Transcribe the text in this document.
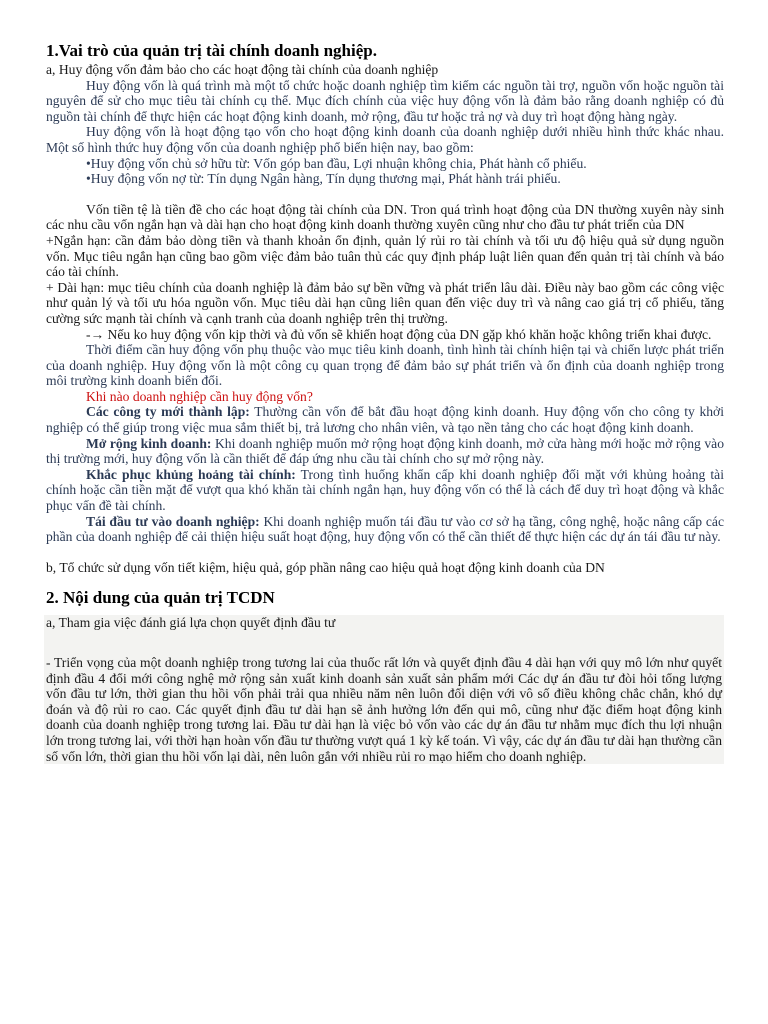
1.Vai trò của quản trị tài chính doanh nghiệp.

a, Huy động vốn đảm bảo cho các hoạt động tài chính của doanh nghiệp

Huy động vốn là quá trình mà một tổ chức hoặc doanh nghiệp tìm kiếm các nguồn tài trợ, nguồn vốn hoặc nguồn tài nguyên để sử cho mục tiêu tài chính cụ thể. Mục đích chính của việc huy động vốn là đảm bảo rằng doanh nghiệp có đủ nguồn tài chính để thực hiện các hoạt động kinh doanh, mở rộng, đầu tư hoặc trả nợ và duy trì hoạt động hàng ngày.

Huy động vốn là hoạt động tạo vốn cho hoạt động kinh doanh của doanh nghiệp dưới nhiều hình thức khác nhau. Một số hình thức huy động vốn của doanh nghiệp phổ biến hiện nay, bao gồm:

•Huy động vốn chủ sở hữu từ: Vốn góp ban đầu, Lợi nhuận không chia, Phát hành cổ phiếu.

•Huy động vốn nợ từ: Tín dụng Ngân hàng, Tín dụng thương mại, Phát hành trái phiếu.

Vốn tiền tệ là tiền đề cho các hoạt động tài chính của DN. Tron quá trình hoạt động của DN thường xuyên này sinh các nhu cầu vốn ngắn hạn và dài hạn cho hoạt động kinh doanh thường xuyên cũng như cho đầu tư phát triển của DN

+Ngắn hạn: cần đảm bảo dòng tiền và thanh khoản ổn định, quản lý rủi ro tài chính và tối ưu độ hiệu quả sử dụng nguồn vốn. Mục tiêu ngắn hạn cũng bao gồm việc đảm bảo tuân thủ các quy định pháp luật liên quan đến quản trị tài chính và báo cáo tài chính.

+ Dài hạn: mục tiêu chính của doanh nghiệp là đảm bảo sự bền vững và phát triển lâu dài. Điều này bao gồm các công việc như quản lý và tối ưu hóa nguồn vốn. Mục tiêu dài hạn cũng liên quan đến việc duy trì và nâng cao giá trị cổ phiếu, tăng cường sức mạnh tài chính và cạnh tranh của doanh nghiệp trên thị trường.

-→ Nếu ko huy động vốn kịp thời và đủ vốn sẽ khiến hoạt động của DN gặp khó khăn hoặc không triển khai được.

Thời điểm cần huy động vốn phụ thuộc vào mục tiêu kinh doanh, tình hình tài chính hiện tại và chiến lược phát triển của doanh nghiệp. Huy động vốn là một công cụ quan trọng để đảm bảo sự phát triển và ổn định của doanh nghiệp trong môi trường kinh doanh biến đổi.

Khi nào doanh nghiệp cần huy động vốn?

Các công ty mới thành lập: Thường cần vốn để bắt đầu hoạt động kinh doanh. Huy động vốn cho công ty khởi nghiệp có thể giúp trong việc mua sắm thiết bị, trả lương cho nhân viên, và tạo nền tảng cho các hoạt động kinh doanh.

Mở rộng kinh doanh: Khi doanh nghiệp muốn mở rộng hoạt động kinh doanh, mở cửa hàng mới hoặc mở rộng vào thị trường mới, huy động vốn là cần thiết để đáp ứng nhu cầu tài chính cho sự mở rộng này.

Khắc phục khủng hoảng tài chính: Trong tình huống khẩn cấp khi doanh nghiệp đối mặt với khủng hoảng tài chính hoặc cần tiền mặt để vượt qua khó khăn tài chính ngắn hạn, huy động vốn có thể là cách để duy trì hoạt động và khắc phục vấn đề tài chính.

Tái đầu tư vào doanh nghiệp: Khi doanh nghiệp muốn tái đầu tư vào cơ sở hạ tầng, công nghệ, hoặc nâng cấp các phần của doanh nghiệp để cải thiện hiệu suất hoạt động, huy động vốn có thể cần thiết để thực hiện các dự án tái đầu tư này.

b, Tổ chức sử dụng vốn tiết kiệm, hiệu quả, góp phần nâng cao hiệu quả hoạt động kinh doanh của DN

2. Nội dung của quản trị TCDN

a, Tham gia việc đánh giá lựa chọn quyết định đầu tư

- Triển vọng của một doanh nghiệp trong tương lai của thuốc rất lớn và quyết định đầu 4 dài hạn với quy mô lớn như quyết định đầu 4 đổi mới công nghệ mở rộng sản xuất kinh doanh sản xuất sản phẩm mới Các dự án đầu tư đòi hỏi tổng lượng vốn đầu tư lớn, thời gian thu hồi vốn phải trải qua nhiều năm nên luôn đối diện với vô số điều không chắc chắn, khó dự đoán và độ rủi ro cao. Các quyết định đầu tư dài hạn sẽ ảnh hưởng lớn đến qui mô, cũng như đặc điểm hoạt động kinh doanh của doanh nghiệp trong tương lai. Đầu tư dài hạn là việc bỏ vốn vào các dự án đầu tư nhằm mục đích thu lợi nhuận lớn trong tương lai, với thời hạn hoàn vốn đầu tư thường vượt quá 1 kỳ kế toán. Vì vậy, các dự án đầu tư dài hạn thường cần số vốn lớn, thời gian thu hồi vốn lại dài, nên luôn gắn với nhiều rủi ro mạo hiểm cho doanh nghiệp.
